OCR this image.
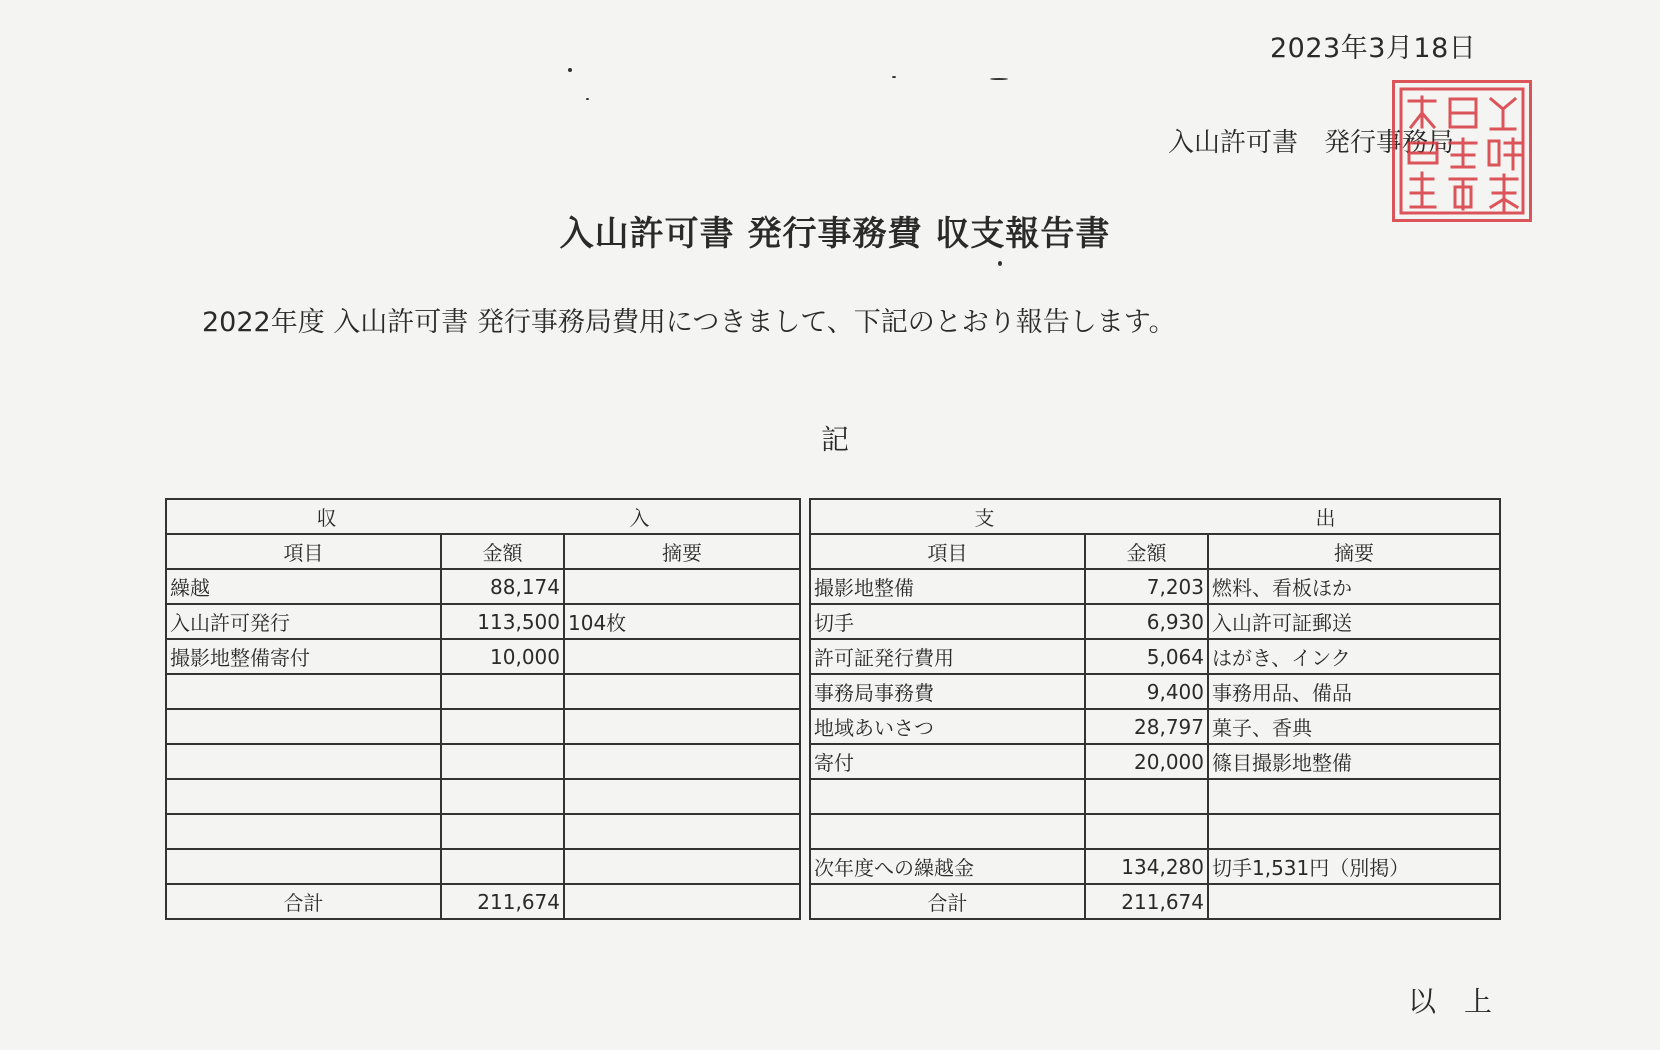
2023年3月18日
入山許可書　発行事務局
入山許可書 発行事務費 収支報告書
2022年度 入山許可書 発行事務局費用につきまして、下記のとおり報告します。
記
収 入				支 出		

項目	金額	摘要		項目	金額	摘要
繰越	88,174			撮影地整備	7,203	燃料、看板ほか
入山許可発行	113,500	104枚		切手	6,930	入山許可証郵送
撮影地整備寄付	10,000			許可証発行費用	5,064	はがき、インク
				事務局事務費	9,400	事務用品、備品
				地域あいさつ	28,797	菓子、香典
				寄付	20,000	篠目撮影地整備

				次年度への繰越金	134,280	切手1,531円（別掲）
合計	211,674			合計	211,674	
以　上
